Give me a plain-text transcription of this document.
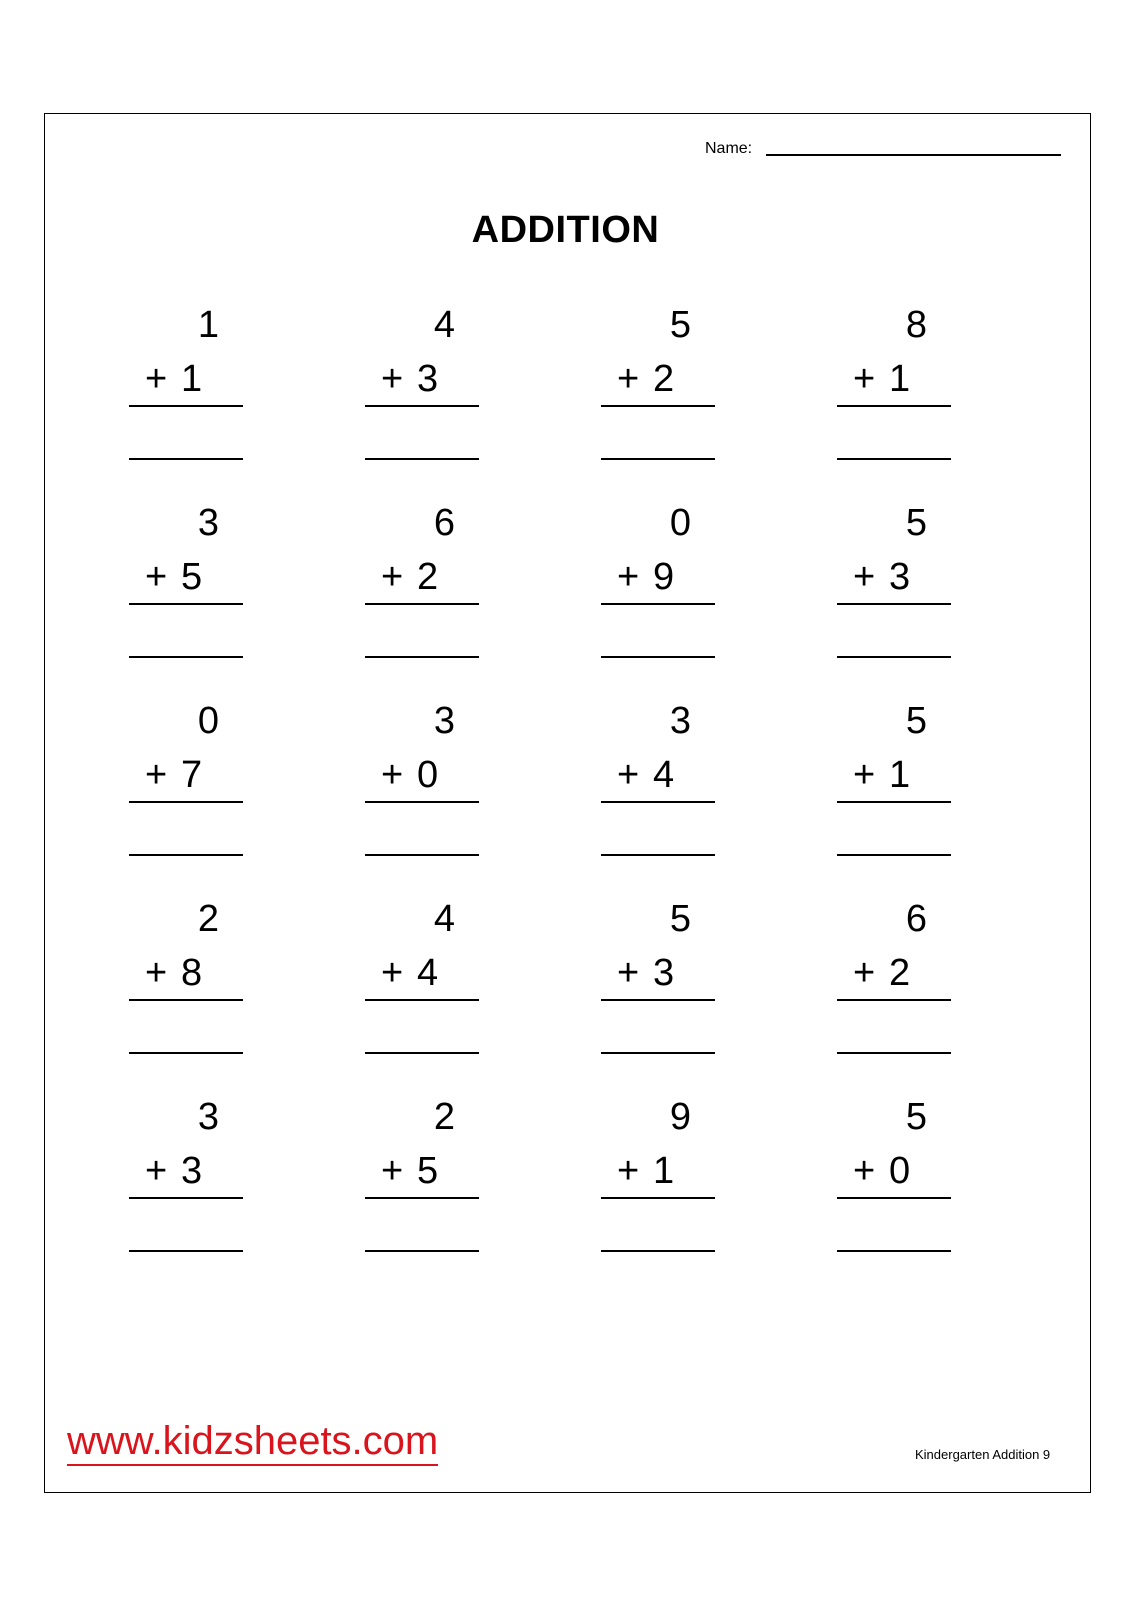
Name:
ADDITION
1
+ 1
4
+ 3
5
+ 2
8
+ 1
3
+ 5
6
+ 2
0
+ 9
5
+ 3
0
+ 7
3
+ 0
3
+ 4
5
+ 1
2
+ 8
4
+ 4
5
+ 3
6
+ 2
3
+ 3
2
+ 5
9
+ 1
5
+ 0
www.kidzsheets.com	Kindergarten Addition 9
